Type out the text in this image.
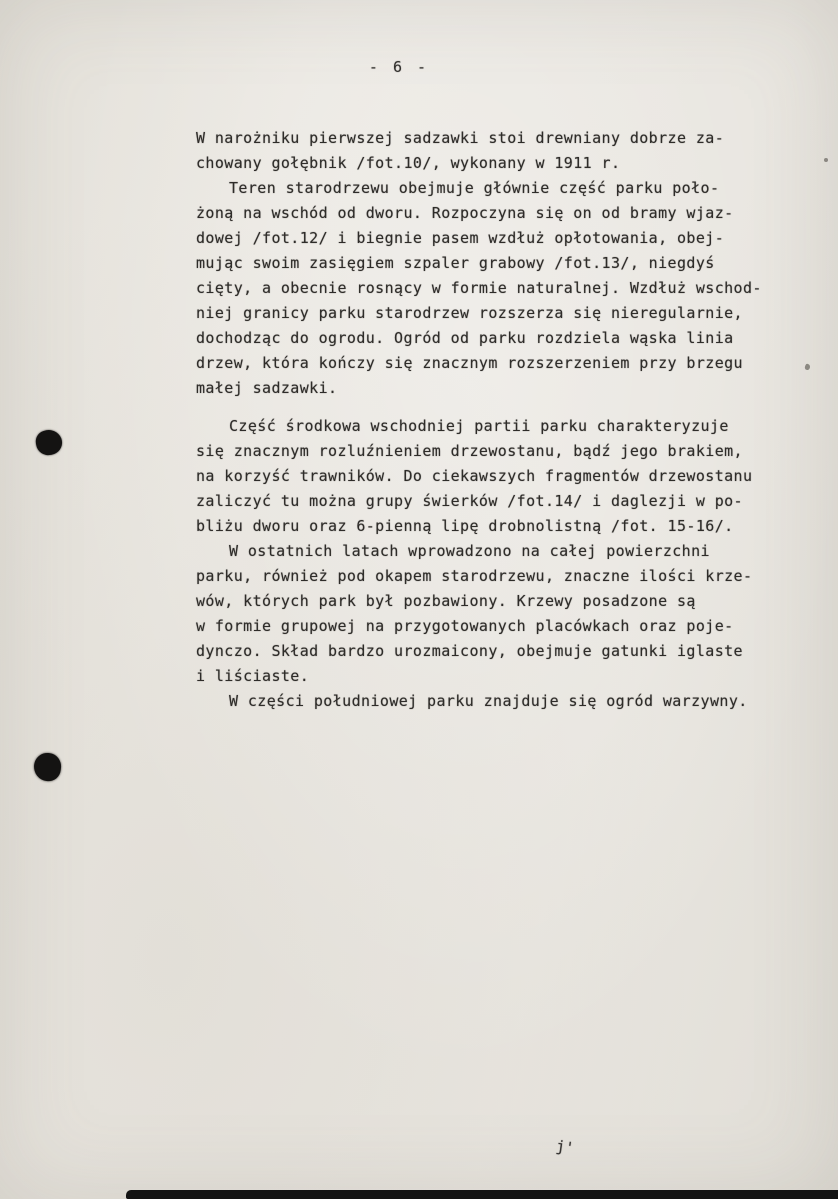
- 6 -

W narożniku pierwszej sadzawki stoi drewniany dobrze za-
chowany gołębnik /fot.10/, wykonany w 1911 r.

Teren starodrzewu obejmuje głównie część parku poło-
żoną na wschód od dworu. Rozpoczyna się on od bramy wjaz-
dowej /fot.12/ i biegnie pasem wzdłuż opłotowania, obej-
mując swoim zasięgiem szpaler grabowy /fot.13/, niegdyś
cięty, a obecnie rosnący w formie naturalnej. Wzdłuż wschod-
niej granicy parku starodrzew rozszerza się nieregularnie,
dochodząc do ogrodu. Ogród od parku rozdziela wąska linia
drzew, która kończy się znacznym rozszerzeniem przy brzegu
małej sadzawki.

Część środkowa wschodniej partii parku charakteryzuje
się znacznym rozluźnieniem drzewostanu, bądź jego brakiem,
na korzyść trawników. Do ciekawszych fragmentów drzewostanu
zaliczyć tu można grupy świerków /fot.14/ i daglezji w po-
bliżu dworu oraz 6-pienną lipę drobnolistną /fot. 15-16/.

W ostatnich latach wprowadzono na całej powierzchni
parku, również pod okapem starodrzewu, znaczne ilości krze-
wów, których park był pozbawiony. Krzewy posadzone są
w formie grupowej na przygotowanych placówkach oraz poje-
dynczo. Skład bardzo urozmaicony, obejmuje gatunki iglaste
i liściaste.

W części południowej parku znajduje się ogród warzywny.

j'
